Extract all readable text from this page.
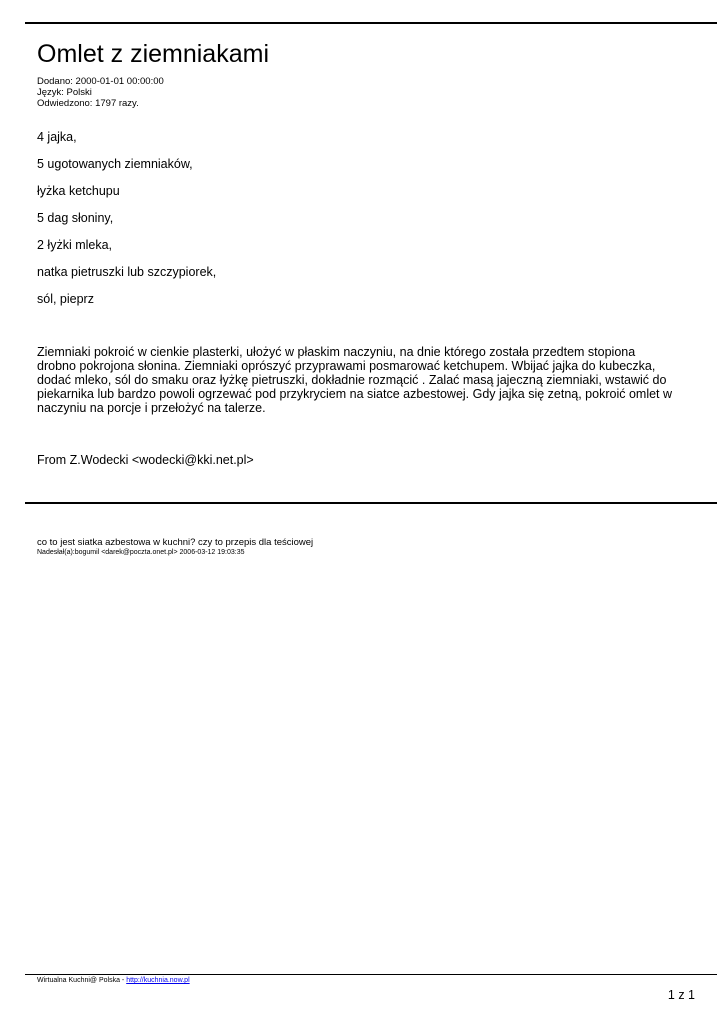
Omlet z ziemniakami
Dodano: 2000-01-01 00:00:00
Język: Polski
Odwiedzono: 1797 razy.
4 jajka,
5 ugotowanych ziemniaków,
łyżka ketchupu
5 dag słoniny,
2 łyżki mleka,
natka pietruszki lub szczypiorek,
sól, pieprz

Ziemniaki pokroić w cienkie plasterki, ułożyć w płaskim naczyniu, na dnie którego została przedtem stopiona drobno pokrojona słonina. Ziemniaki oprószyć przyprawami posmarować ketchupem. Wbijać jajka do kubeczka, dodać mleko, sól do smaku oraz łyżkę pietruszki, dokładnie rozmącić . Zalać masą jajeczną ziemniaki, wstawić do piekarnika lub bardzo powoli ogrzewać pod przykryciem na siatce azbestowej. Gdy jajka się zetną, pokroić omlet w naczyniu na porcje i przełożyć na talerze.

From Z.Wodecki <wodecki@kki.net.pl>
co to jest siatka azbestowa w kuchni? czy to przepis dla teściowej
Nadesłał(a):bogumil <darek@poczta.onet.pl> 2006-03-12 19:03:35
Wirtualna Kuchni@ Polska - http://kuchnia.now.pl
1 z 1
